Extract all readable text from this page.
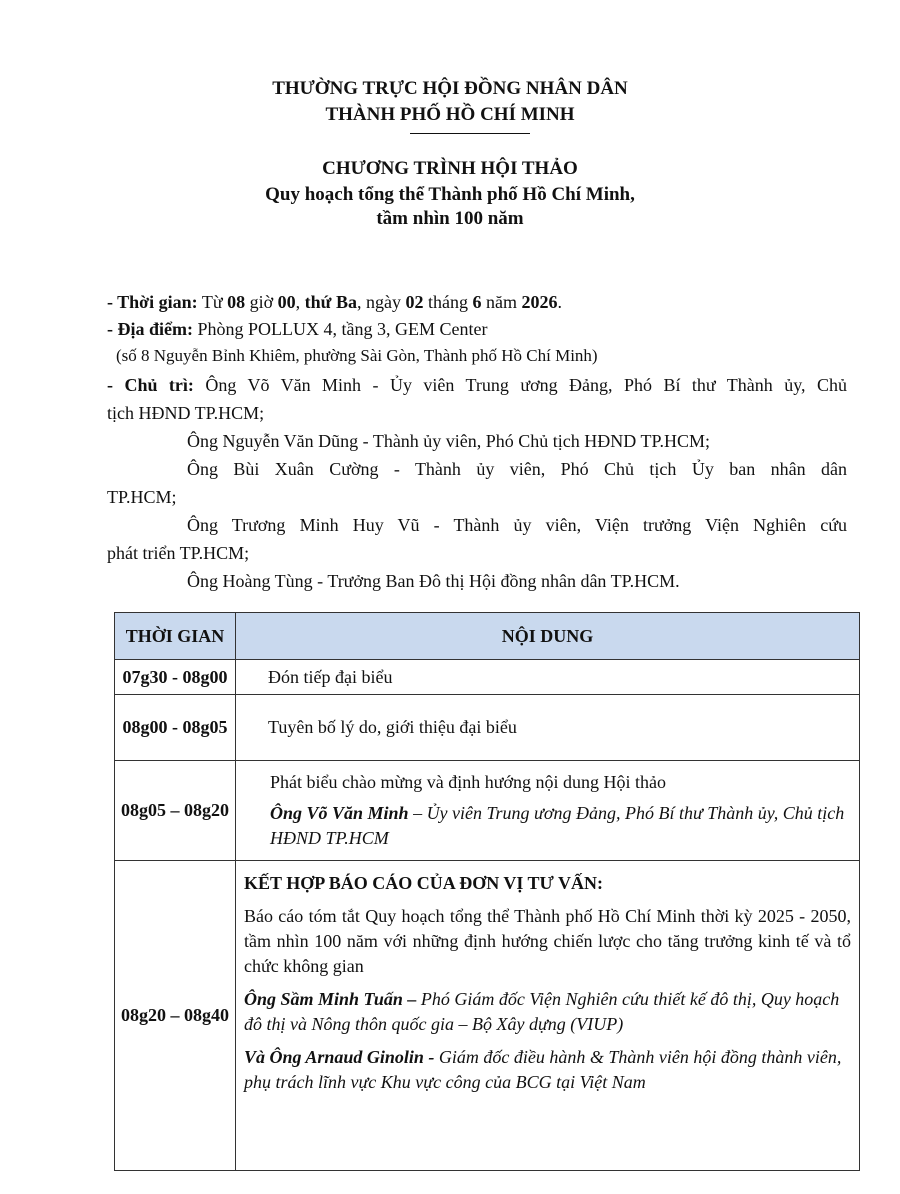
THƯỜNG TRỰC HỘI ĐỒNG NHÂN DÂN
THÀNH PHỐ HỒ CHÍ MINH
CHƯƠNG TRÌNH HỘI THẢO
Quy hoạch tổng thể Thành phố Hồ Chí Minh,
tầm nhìn 100 năm
- Thời gian: Từ 08 giờ 00, thứ Ba, ngày 02 tháng 6 năm 2026.
- Địa điểm: Phòng POLLUX 4, tầng 3, GEM Center
(số 8 Nguyễn Bỉnh Khiêm, phường Sài Gòn, Thành phố Hồ Chí Minh)
- Chủ trì: Ông Võ Văn Minh - Ủy viên Trung ương Đảng, Phó Bí thư Thành ủy, Chủ
tịch HĐND TP.HCM;
Ông Nguyễn Văn Dũng - Thành ủy viên, Phó Chủ tịch HĐND TP.HCM;
Ông Bùi Xuân Cường - Thành ủy viên, Phó Chủ tịch Ủy ban nhân dân
TP.HCM;
Ông Trương Minh Huy Vũ - Thành ủy viên, Viện trưởng Viện Nghiên cứu
phát triển TP.HCM;
Ông Hoàng Tùng - Trưởng Ban Đô thị Hội đồng nhân dân TP.HCM.
THỜI GIAN	NỘI DUNG
07g30 - 08g00	Đón tiếp đại biểu
08g00 - 08g05	Tuyên bố lý do, giới thiệu đại biểu
08g05 – 08g20	Phát biểu chào mừng và định hướng nội dung Hội thảo
Ông Võ Văn Minh – Ủy viên Trung ương Đảng, Phó Bí thư Thành ủy, Chủ tịch HĐND TP.HCM

08g20 – 08g40	KẾT HỢP BÁO CÁO CỦA ĐƠN VỊ TƯ VẤN:
Báo cáo tóm tắt Quy hoạch tổng thể Thành phố Hồ Chí Minh thời kỳ 2025 - 2050, tầm nhìn 100 năm với những định hướng chiến lược cho tăng trưởng kinh tế và tổ chức không gian
Ông Sầm Minh Tuấn – Phó Giám đốc Viện Nghiên cứu thiết kế đô thị, Quy hoạch đô thị và Nông thôn quốc gia – Bộ Xây dựng (VIUP)
Và Ông Arnaud Ginolin - Giám đốc điều hành & Thành viên hội đồng thành viên, phụ trách lĩnh vực Khu vực công của BCG tại Việt Nam
